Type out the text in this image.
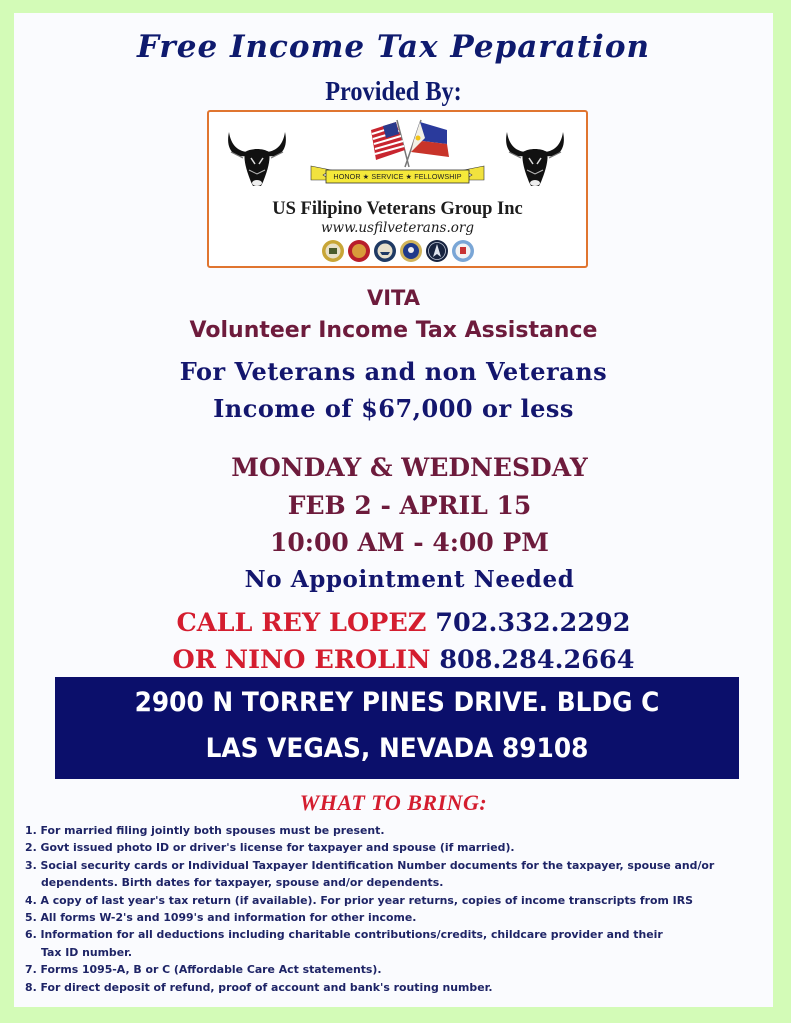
Free Income Tax Peparation
Provided By:
HONOR ★ SERVICE ★ FELLOWSHIP
US Filipino Veterans Group Inc
www.usfilveterans.org
VITA
Volunteer Income Tax Assistance
For Veterans and non Veterans
Income of $67,000 or less
MONDAY & WEDNESDAY
FEB 2 - APRIL 15
10:00 AM - 4:00 PM
No Appointment Needed
CALL REY LOPEZ 702.332.2292
OR NINO EROLIN 808.284.2664
2900 N TORREY PINES DRIVE. BLDG C
LAS VEGAS, NEVADA 89108
WHAT TO BRING:
1. For married filing jointly both spouses must be present.
2. Govt issued photo ID or driver's license for taxpayer and spouse (if married).
3. Social security cards or Individual Taxpayer Identification Number documents for the taxpayer, spouse and/or
dependents. Birth dates for taxpayer, spouse and/or dependents.
4. A copy of last year's tax return (if available). For prior year returns, copies of income transcripts from IRS
5. All forms W-2's and 1099's and information for other income.
6. Information for all deductions including charitable contributions/credits, childcare provider and their
Tax ID number.
7. Forms 1095-A, B or C (Affordable Care Act statements).
8. For direct deposit of refund, proof of account and bank's routing number.
